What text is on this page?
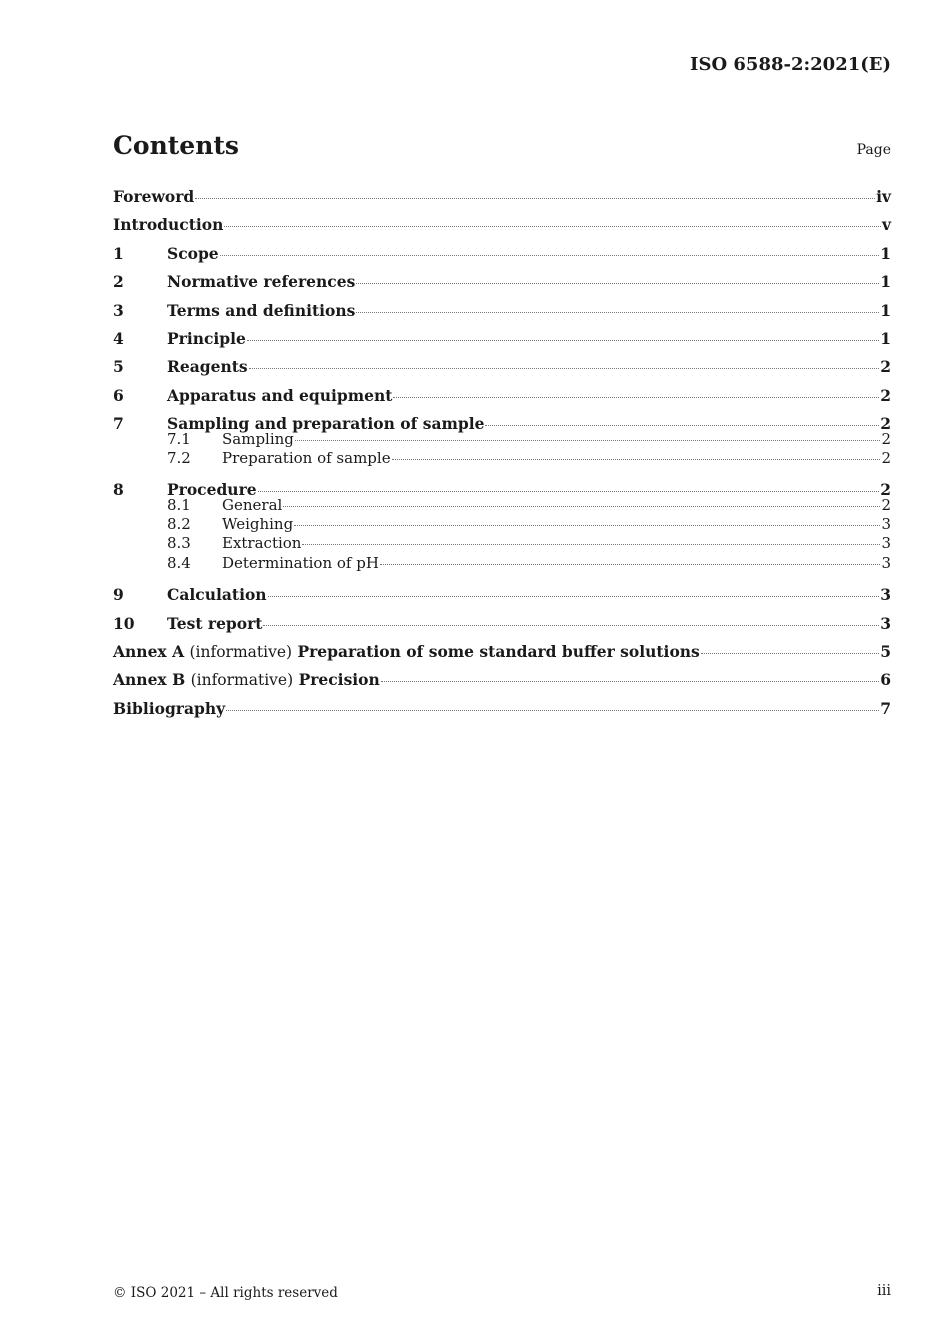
ISO 6588-2:2021(E)
Contents	Page
Foreword	iv
Introduction	v
1	Scope	1
2	Normative references	1
3	Terms and definitions	1
4	Principle	1
5	Reagents	2
6	Apparatus and equipment	2
7	Sampling and preparation of sample	2
7.1	Sampling	2
7.2	Preparation of sample	2
8	Procedure	2
8.1	General	2
8.2	Weighing	3
8.3	Extraction	3
8.4	Determination of pH	3
9	Calculation	3
10	Test report	3
Annex A (informative) Preparation of some standard buffer solutions	5
Annex B (informative) Precision	6
Bibliography	7
© ISO 2021 – All rights reserved	iii
